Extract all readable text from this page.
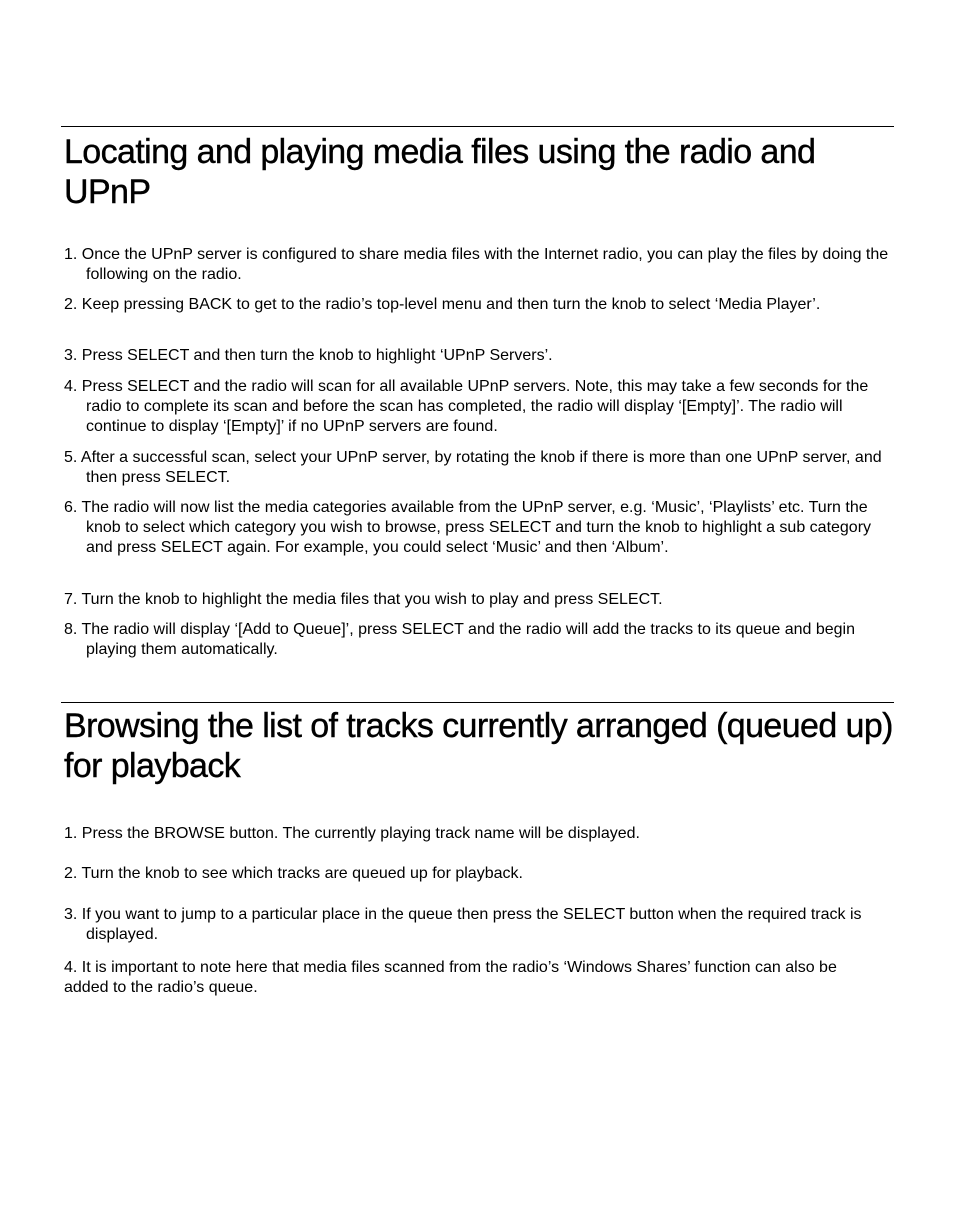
Locating and playing media files using the radio and UPnP

1. Once the UPnP server is configured to share media files with the Internet radio, you can play the files by doing the following on the radio.

2. Keep pressing BACK to get to the radio’s top-level menu and then turn the knob to select ‘Media Player’.

3. Press SELECT and then turn the knob to highlight ‘UPnP Servers’.

4. Press SELECT and the radio will scan for all available UPnP servers. Note, this may take a few seconds for the radio to complete its scan and before the scan has completed, the radio will display ‘[Empty]’. The radio will continue to display ‘[Empty]’ if no UPnP servers are found.

5. After a successful scan, select your UPnP server, by rotating the knob if there is more than one UPnP server, and then press SELECT.

6. The radio will now list the media categories available from the UPnP server, e.g. ‘Music’, ‘Playlists’ etc. Turn the knob to select which category you wish to browse, press SELECT and turn the knob to highlight a sub category and press SELECT again. For example, you could select ‘Music’ and then ‘Album’.

7. Turn the knob to highlight the media files that you wish to play and press SELECT.

8. The radio will display ‘[Add to Queue]’, press SELECT and the radio will add the tracks to its queue and begin playing them automatically.

Browsing the list of tracks currently arranged (queued up) for playback

1. Press the BROWSE button. The currently playing track name will be displayed.

2. Turn the knob to see which tracks are queued up for playback.

3. If you want to jump to a particular place in the queue then press the SELECT button when the required track is displayed.

4. It is important to note here that media files scanned from the radio’s ‘Windows Shares’ function can also be added to the radio’s queue.
